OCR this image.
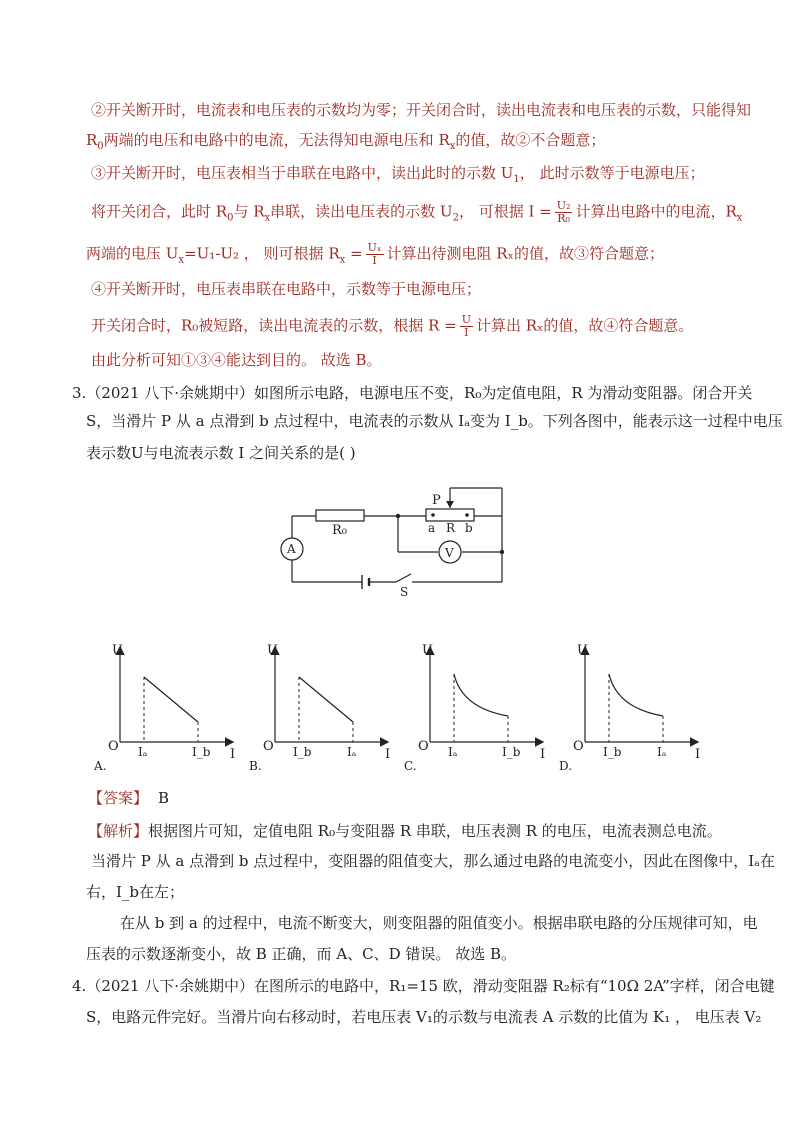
②开关断开时，电流表和电压表的示数均为零；开关闭合时，读出电流表和电压表的示数，只能得知
$R_0$两端的电压和电路中的电流，无法得知电源电压和 $R_x$的值，故②不合题意；
③开关断开时，电压表相当于串联在电路中，读出此时的示数 $U_1$， 此时示数等于电源电压；
将开关闭合，此时 $R_0$与 $R_x$串联，读出电压表的示数 $U_2$， 可根据 $I = \frac{\text{U₂}}{\text{R₀}}$ 计算出电路中的电流，$R_x$
两端的电压 $U_x=U_1-U_2$ ， 则可根据 $R_x = \frac{\text{Uₓ}}{I}$ 计算出待测电阻 Rₓ的值，故③符合题意；
④开关断开时，电压表串联在电路中，示数等于电源电压；
开关闭合时，R₀被短路，读出电流表的示数，根据 $R = \frac{U}{I}$ 计算出 Rₓ的值，故④符合题意。
由此分析可知①③④能达到目的。 故选 B。
3.（2021 八下·余姚期中）如图所示电路，电源电压不变，R₀为定值电阻，R 为滑动变阻器。闭合开关
S，当滑片 P 从 a 点滑到 b 点过程中，电流表的示数从 Iₐ变为 I_b。下列各图中，能表示这一过程中电压
表示数U与电流表示数 I 之间关系的是( )
R₀
P
a R b
A	V
S
U
I
O Iₐ	I_b
A.
U
I
O I_b	Iₐ
B.
U
I
O Iₐ	I_b
C.
U
I
O I_b	Iₐ
D.
【答案】 B
【解析】根据图片可知，定值电阻 R₀与变阻器 R 串联，电压表测 R 的电压，电流表测总电流。
当滑片 P 从 a 点滑到 b 点过程中，变阻器的阻值变大，那么通过电路的电流变小，因此在图像中，Iₐ在
右，I_b在左；
在从 b 到 a 的过程中，电流不断变大，则变阻器的阻值变小。根据串联电路的分压规律可知，电
压表的示数逐渐变小，故 B 正确，而 A、C、D 错误。 故选 B。
4.（2021 八下·余姚期中）在图所示的电路中，R₁=15 欧，滑动变阻器 R₂标有“10Ω 2A”字样，闭合电键
S，电路元件完好。当滑片向右移动时，若电压表 V₁的示数与电流表 A 示数的比值为 K₁ ， 电压表 V₂
